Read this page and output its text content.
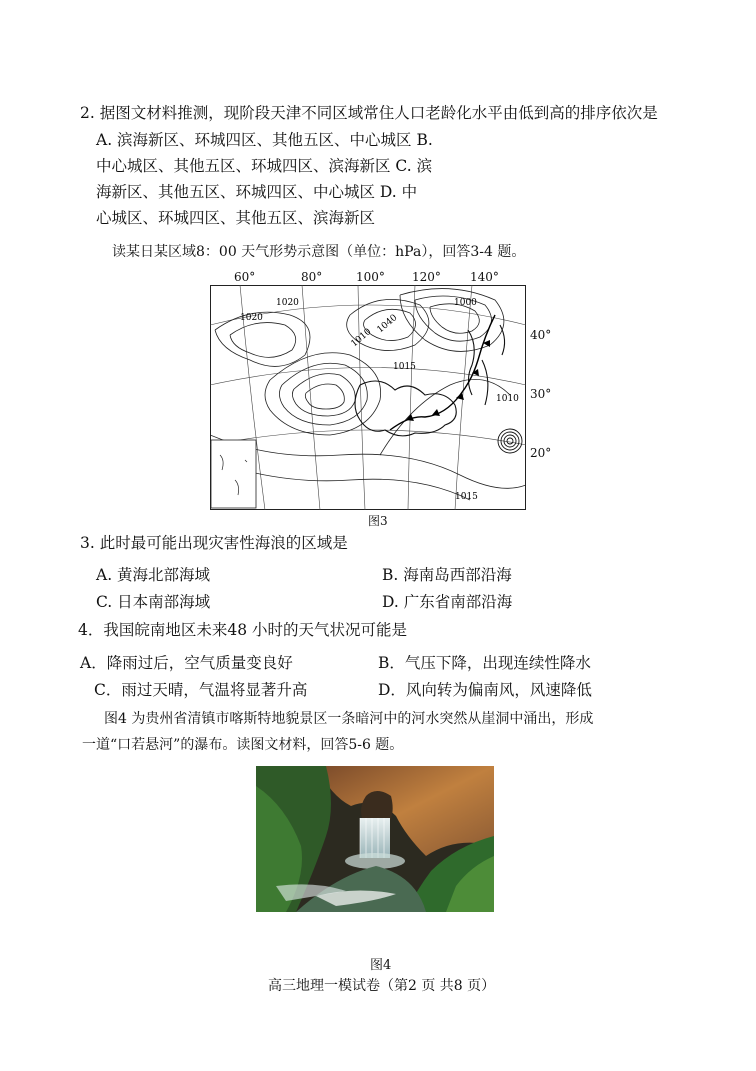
2. 据图文材料推测，现阶段天津不同区域常住人口老龄化水平由低到高的排序依次是
A. 滨海新区、环城四区、其他五区、中心城区 B.
中心城区、其他五区、环城四区、滨海新区 C. 滨
海新区、其他五区、环城四区、中心城区 D. 中
心城区、环城四区、其他五区、滨海新区
读某日某区域8：00 天气形势示意图（单位：hPa），回答3-4 题。
60°	80°	100° 120° 140°
40°
30°
20°
1020
1020
1000
1040
1010
1015
1015
1010
图3
3. 此时最可能出现灾害性海浪的区域是
A. 黄海北部海域	B. 海南岛西部沿海
C. 日本南部海域	D. 广东省南部沿海
4．我国皖南地区未来48 小时的天气状况可能是
A．降雨过后，空气质量变良好	B．气压下降，出现连续性降水
C．雨过天晴，气温将显著升高	D．风向转为偏南风，风速降低
图4 为贵州省清镇市喀斯特地貌景区一条暗河中的河水突然从崖洞中涌出，形成
一道“口若悬河”的瀑布。读图文材料，回答5-6 题。
图4
高三地理一模试卷（第2 页 共8 页）
